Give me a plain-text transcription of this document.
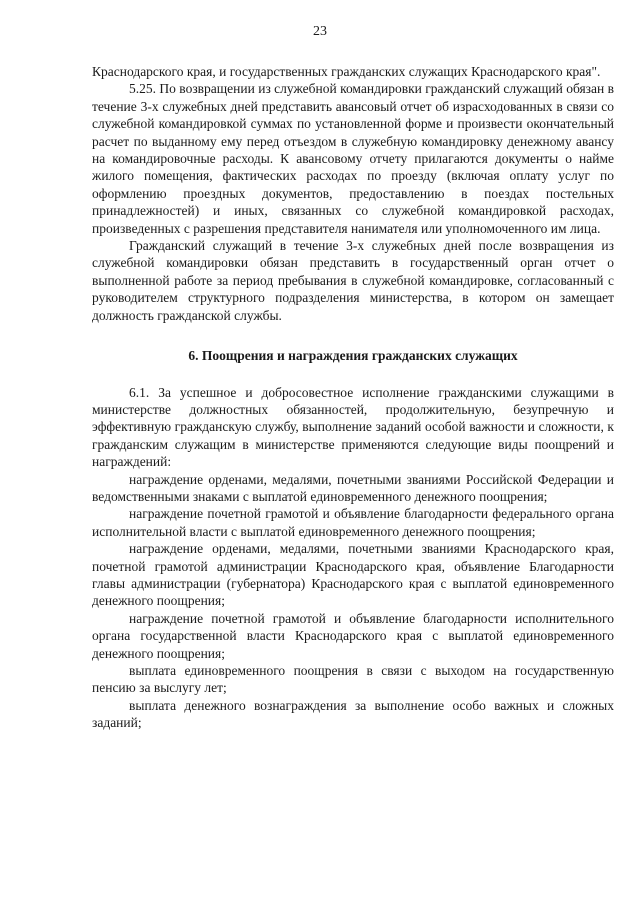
23

Краснодарского края, и государственных гражданских служащих Краснодарского края".

5.25. По возвращении из служебной командировки гражданский служащий обязан в течение 3-х служебных дней представить авансовый отчет об израсходованных в связи со служебной командировкой суммах по установленной форме и произвести окончательный расчет по выданному ему перед отъездом в служебную командировку денежному авансу на командировочные расходы. К авансовому отчету прилагаются документы о найме жилого помещения, фактических расходах по проезду (включая оплату услуг по оформлению проездных документов, предоставлению в поездах постельных принадлежностей) и иных, связанных со служебной командировкой расходах, произведенных с разрешения представителя нанимателя или уполномоченного им лица.

Гражданский служащий в течение 3-х служебных дней после возвращения из служебной командировки обязан представить в государственный орган отчет о выполненной работе за период пребывания в служебной командировке, согласованный с руководителем структурного подразделения министерства, в котором он замещает должность гражданской службы.

6. Поощрения и награждения гражданских служащих

6.1. За успешное и добросовестное исполнение гражданскими служащими в министерстве должностных обязанностей, продолжительную, безупречную и эффективную гражданскую службу, выполнение заданий особой важности и сложности, к гражданским служащим в министерстве применяются следующие виды поощрений и награждений:

награждение орденами, медалями, почетными званиями Российской Федерации и ведомственными знаками с выплатой единовременного денежного поощрения;

награждение почетной грамотой и объявление благодарности федерального органа исполнительной власти с выплатой единовременного денежного поощрения;

награждение орденами, медалями, почетными званиями Краснодарского края, почетной грамотой администрации Краснодарского края, объявление Благодарности главы администрации (губернатора) Краснодарского края с выплатой единовременного денежного поощрения;

награждение почетной грамотой и объявление благодарности исполнительного органа государственной власти Краснодарского края с выплатой единовременного денежного поощрения;

выплата единовременного поощрения в связи с выходом на государственную пенсию за выслугу лет;

выплата денежного вознаграждения за выполнение особо важных и сложных заданий;
